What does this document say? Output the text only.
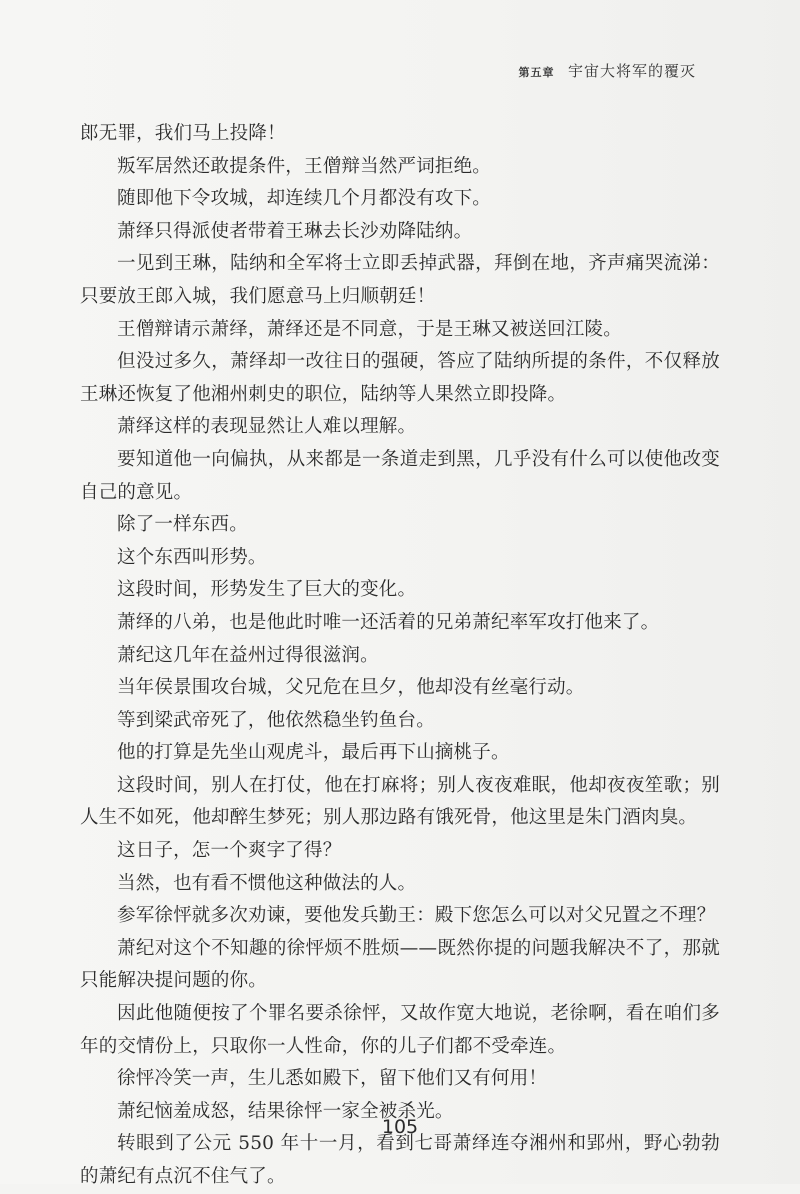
第五章 宇宙大将军的覆灭

郎无罪，我们马上投降！

叛军居然还敢提条件，王僧辩当然严词拒绝。

随即他下令攻城，却连续几个月都没有攻下。

萧绎只得派使者带着王琳去长沙劝降陆纳。

一见到王琳，陆纳和全军将士立即丢掉武器，拜倒在地，齐声痛哭流涕：只要放王郎入城，我们愿意马上归顺朝廷！

王僧辩请示萧绎，萧绎还是不同意，于是王琳又被送回江陵。

但没过多久，萧绎却一改往日的强硬，答应了陆纳所提的条件，不仅释放王琳还恢复了他湘州刺史的职位，陆纳等人果然立即投降。

萧绎这样的表现显然让人难以理解。

要知道他一向偏执，从来都是一条道走到黑，几乎没有什么可以使他改变自己的意见。

除了一样东西。

这个东西叫形势。

这段时间，形势发生了巨大的变化。

萧绎的八弟，也是他此时唯一还活着的兄弟萧纪率军攻打他来了。

萧纪这几年在益州过得很滋润。

当年侯景围攻台城，父兄危在旦夕，他却没有丝毫行动。

等到梁武帝死了，他依然稳坐钓鱼台。

他的打算是先坐山观虎斗，最后再下山摘桃子。

这段时间，别人在打仗，他在打麻将；别人夜夜难眠，他却夜夜笙歌；别人生不如死，他却醉生梦死；别人那边路有饿死骨，他这里是朱门酒肉臭。

这日子，怎一个爽字了得？

当然，也有看不惯他这种做法的人。

参军徐怦就多次劝谏，要他发兵勤王：殿下您怎么可以对父兄置之不理？

萧纪对这个不知趣的徐怦烦不胜烦——既然你提的问题我解决不了，那就只能解决提问题的你。

因此他随便按了个罪名要杀徐怦，又故作宽大地说，老徐啊，看在咱们多年的交情份上，只取你一人性命，你的儿子们都不受牵连。

徐怦冷笑一声，生儿悉如殿下，留下他们又有何用！

萧纪恼羞成怒，结果徐怦一家全被杀光。

转眼到了公元 550 年十一月，看到七哥萧绎连夺湘州和郢州，野心勃勃的萧纪有点沉不住气了。

105
